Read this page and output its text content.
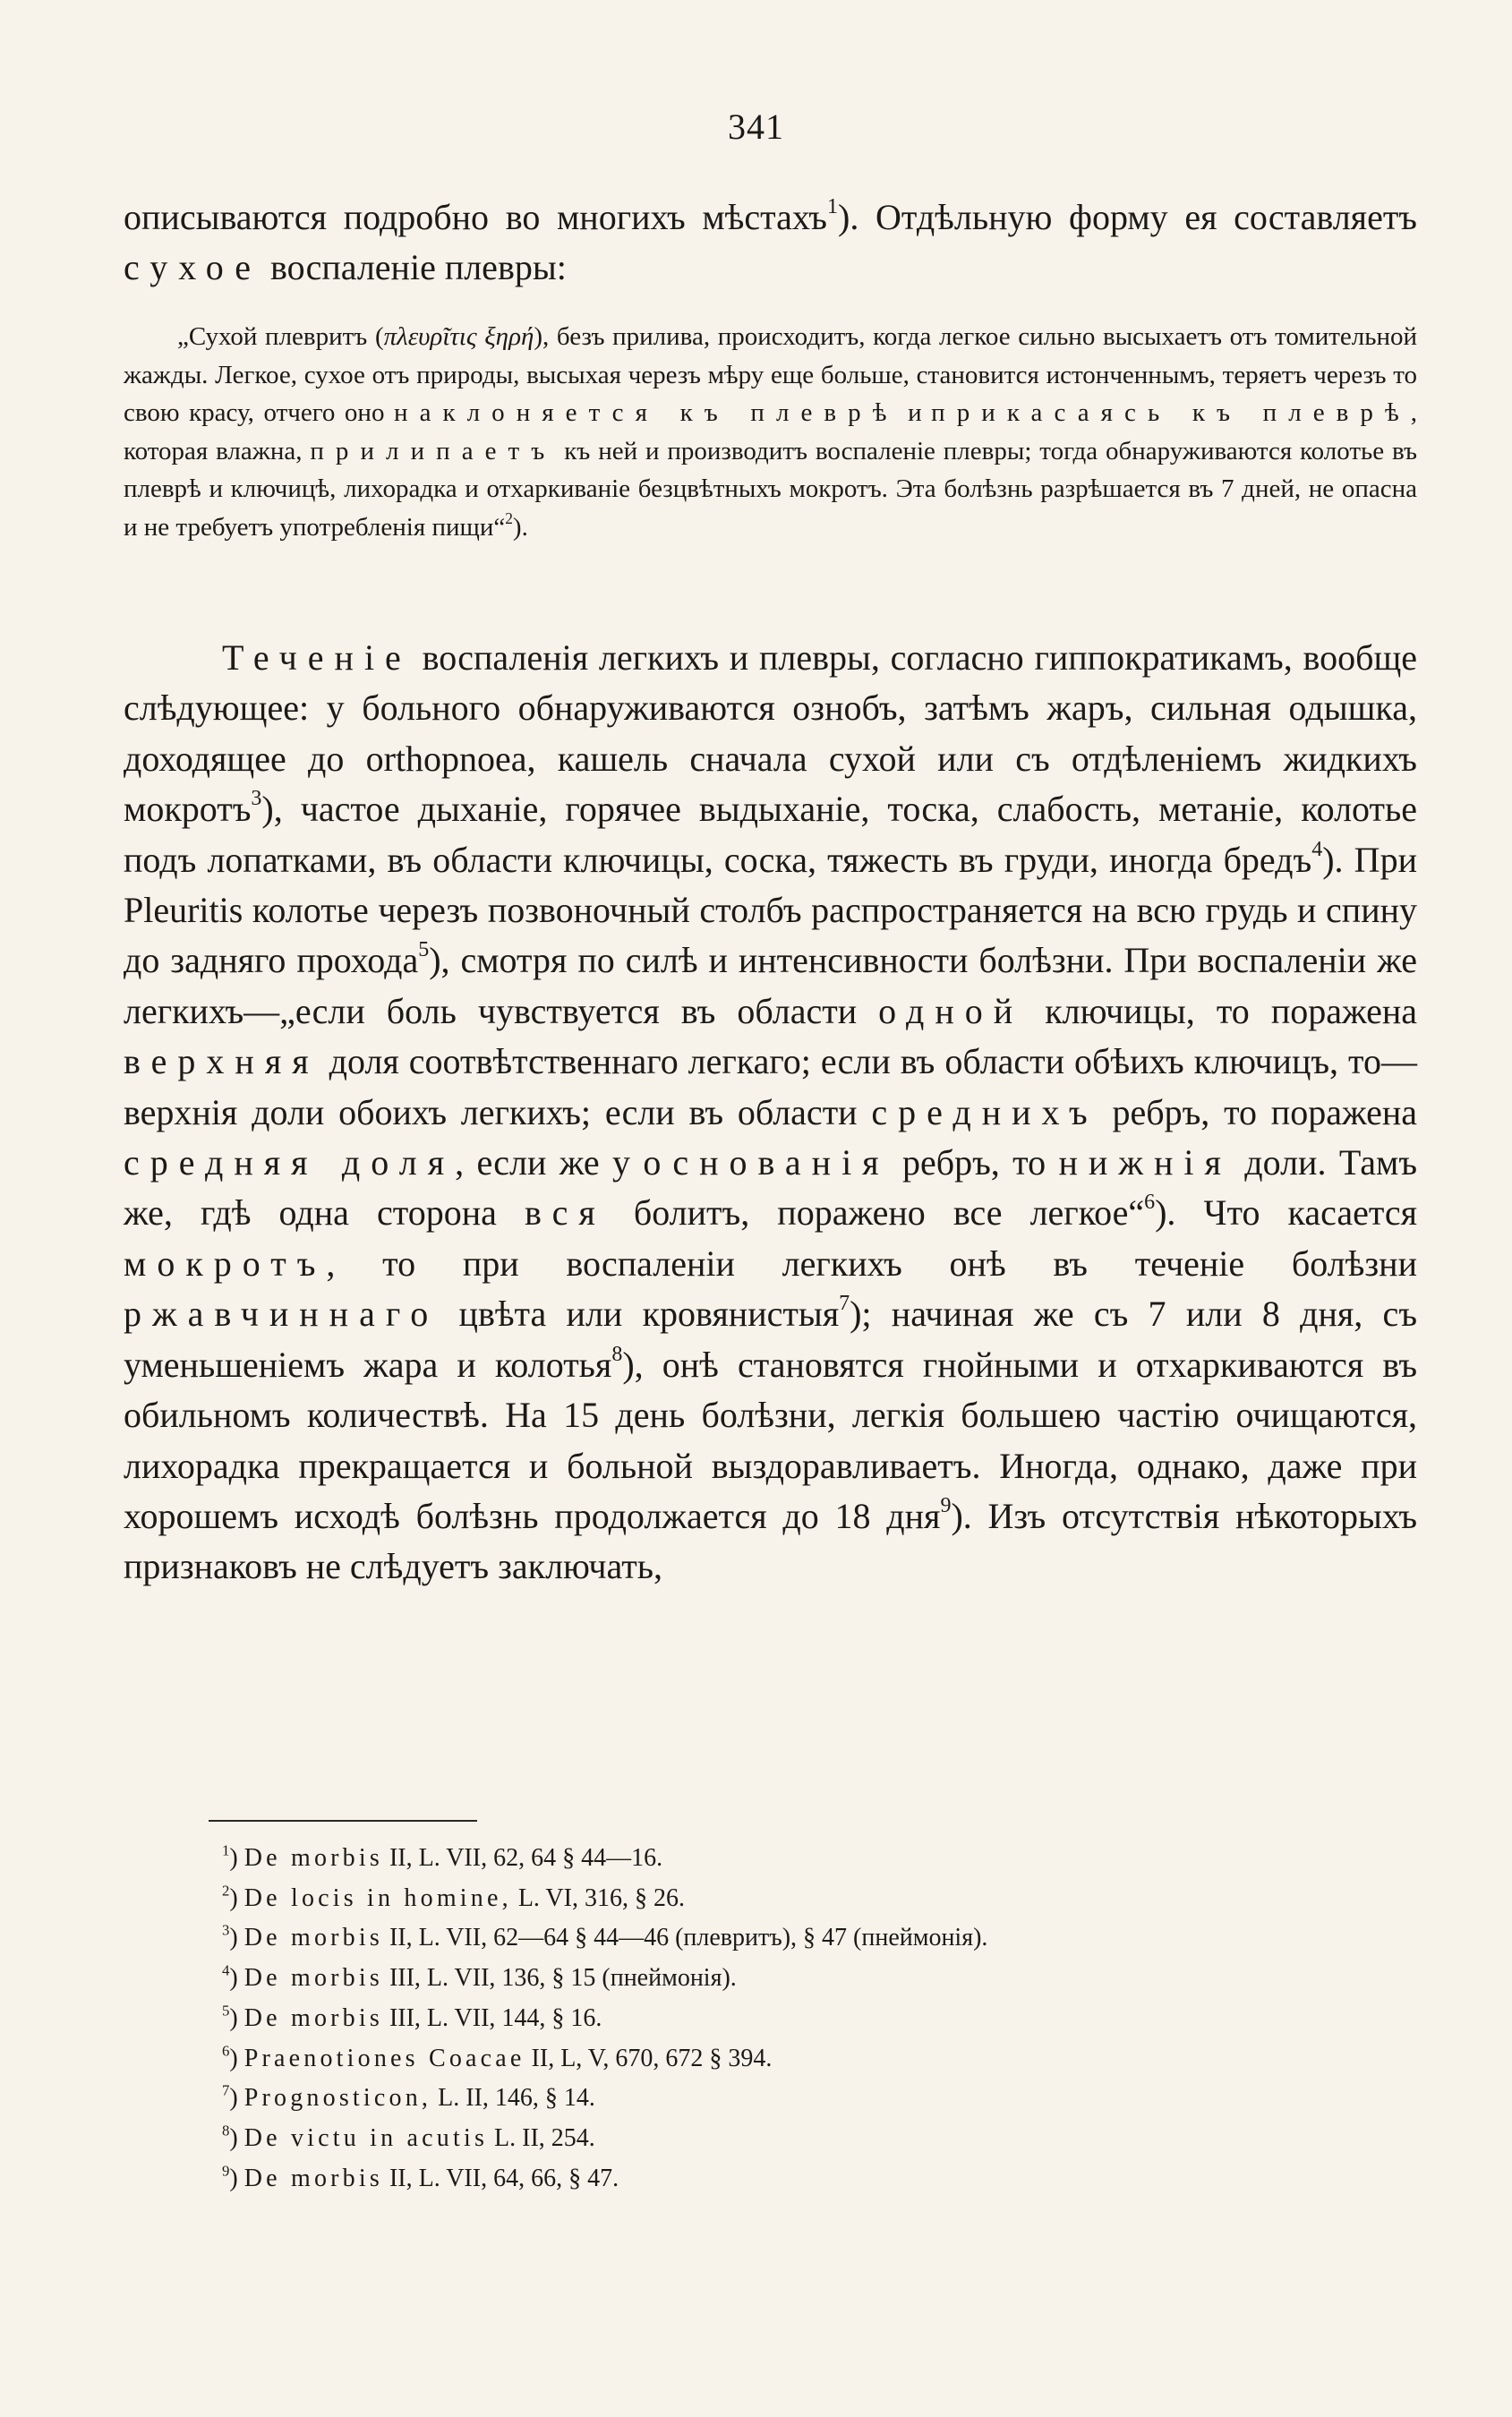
341
описываются подробно во многихъ мѣстахъ$^1$). Отдѣльную форму ея составляетъ сухое воспаленіе плевры:
„Сухой плевритъ (πλευρῖτις ξηρή), безъ прилива, происходитъ, когда легкое сильно высыхаетъ отъ томительной жажды. Легкое, сухое отъ природы, высыхая черезъ мѣру еще больше, становится истонченнымъ, теряетъ черезъ то свою красу, отчего оно наклоняется къ плеврѣ и прикасаясь къ плеврѣ, которая влажна, прилипаетъ къ ней и производитъ воспаленіе плевры; тогда обнаруживаются колотье въ плеврѣ и ключицѣ, лихорадка и отхаркиваніе безцвѣтныхъ мокротъ. Эта болѣзнь разрѣшается въ 7 дней, не опасна и не требуетъ употребленія пищи“$^2$).
Теченіе воспаленія легкихъ и плевры, согласно гиппократикамъ, вообще слѣдующее: у больного обнаруживаются ознобъ, затѣмъ жаръ, сильная одышка, доходящее до orthopnoea, кашель сначала сухой или съ отдѣленіемъ жидкихъ мокротъ$^3$), частое дыханіе, горячее выдыханіе, тоска, слабость, метаніе, колотье подъ лопатками, въ области ключицы, соска, тяжесть въ груди, иногда бредъ$^4$). При Pleuritis колотье черезъ позвоночный столбъ распространяется на всю грудь и спину до задняго прохода$^5$), смотря по силѣ и интенсивности болѣзни. При воспаленіи же легкихъ—„если боль чувствуется въ области одной ключицы, то поражена верхняя доля соотвѣтственнаго легкаго; если въ области обѣихъ ключицъ, то—верхнія доли обоихъ легкихъ; если въ области среднихъ ребръ, то поражена средняя доля, если же у основанія ребръ, то нижнія доли. Тамъ же, гдѣ одна сторона вся болитъ, поражено все легкое“$^6$). Что касается мокротъ, то при воспаленіи легкихъ онѣ въ теченіе болѣзни ржавчиннаго цвѣта или кровянистыя$^7$); начиная же съ 7 или 8 дня, съ уменьшеніемъ жара и колотья$^8$), онѣ становятся гнойными и отхаркиваются въ обильномъ количествѣ. На 15 день болѣзни, легкія большею частію очищаются, лихорадка прекращается и больной выздоравливаетъ. Иногда, однако, даже при хорошемъ исходѣ болѣзнь продолжается до 18 дня$^9$). Изъ отсутствія нѣкоторыхъ признаковъ не слѣдуетъ заключать,
$^1$) De morbis II, L. VII, 62, 64 § 44—16.
$^2$) De locis in homine, L. VI, 316, § 26.
$^3$) De morbis II, L. VII, 62—64 § 44—46 (плевритъ), § 47 (пнеймонія).
$^4$) De morbis III, L. VII, 136, § 15 (пнеймонія).
$^5$) De morbis III, L. VII, 144, § 16.
$^6$) Praenotiones Coacae II, L, V, 670, 672 § 394.
$^7$) Prognosticon, L. II, 146, § 14.
$^8$) De victu in acutis L. II, 254.
$^9$) De morbis II, L. VII, 64, 66, § 47.
